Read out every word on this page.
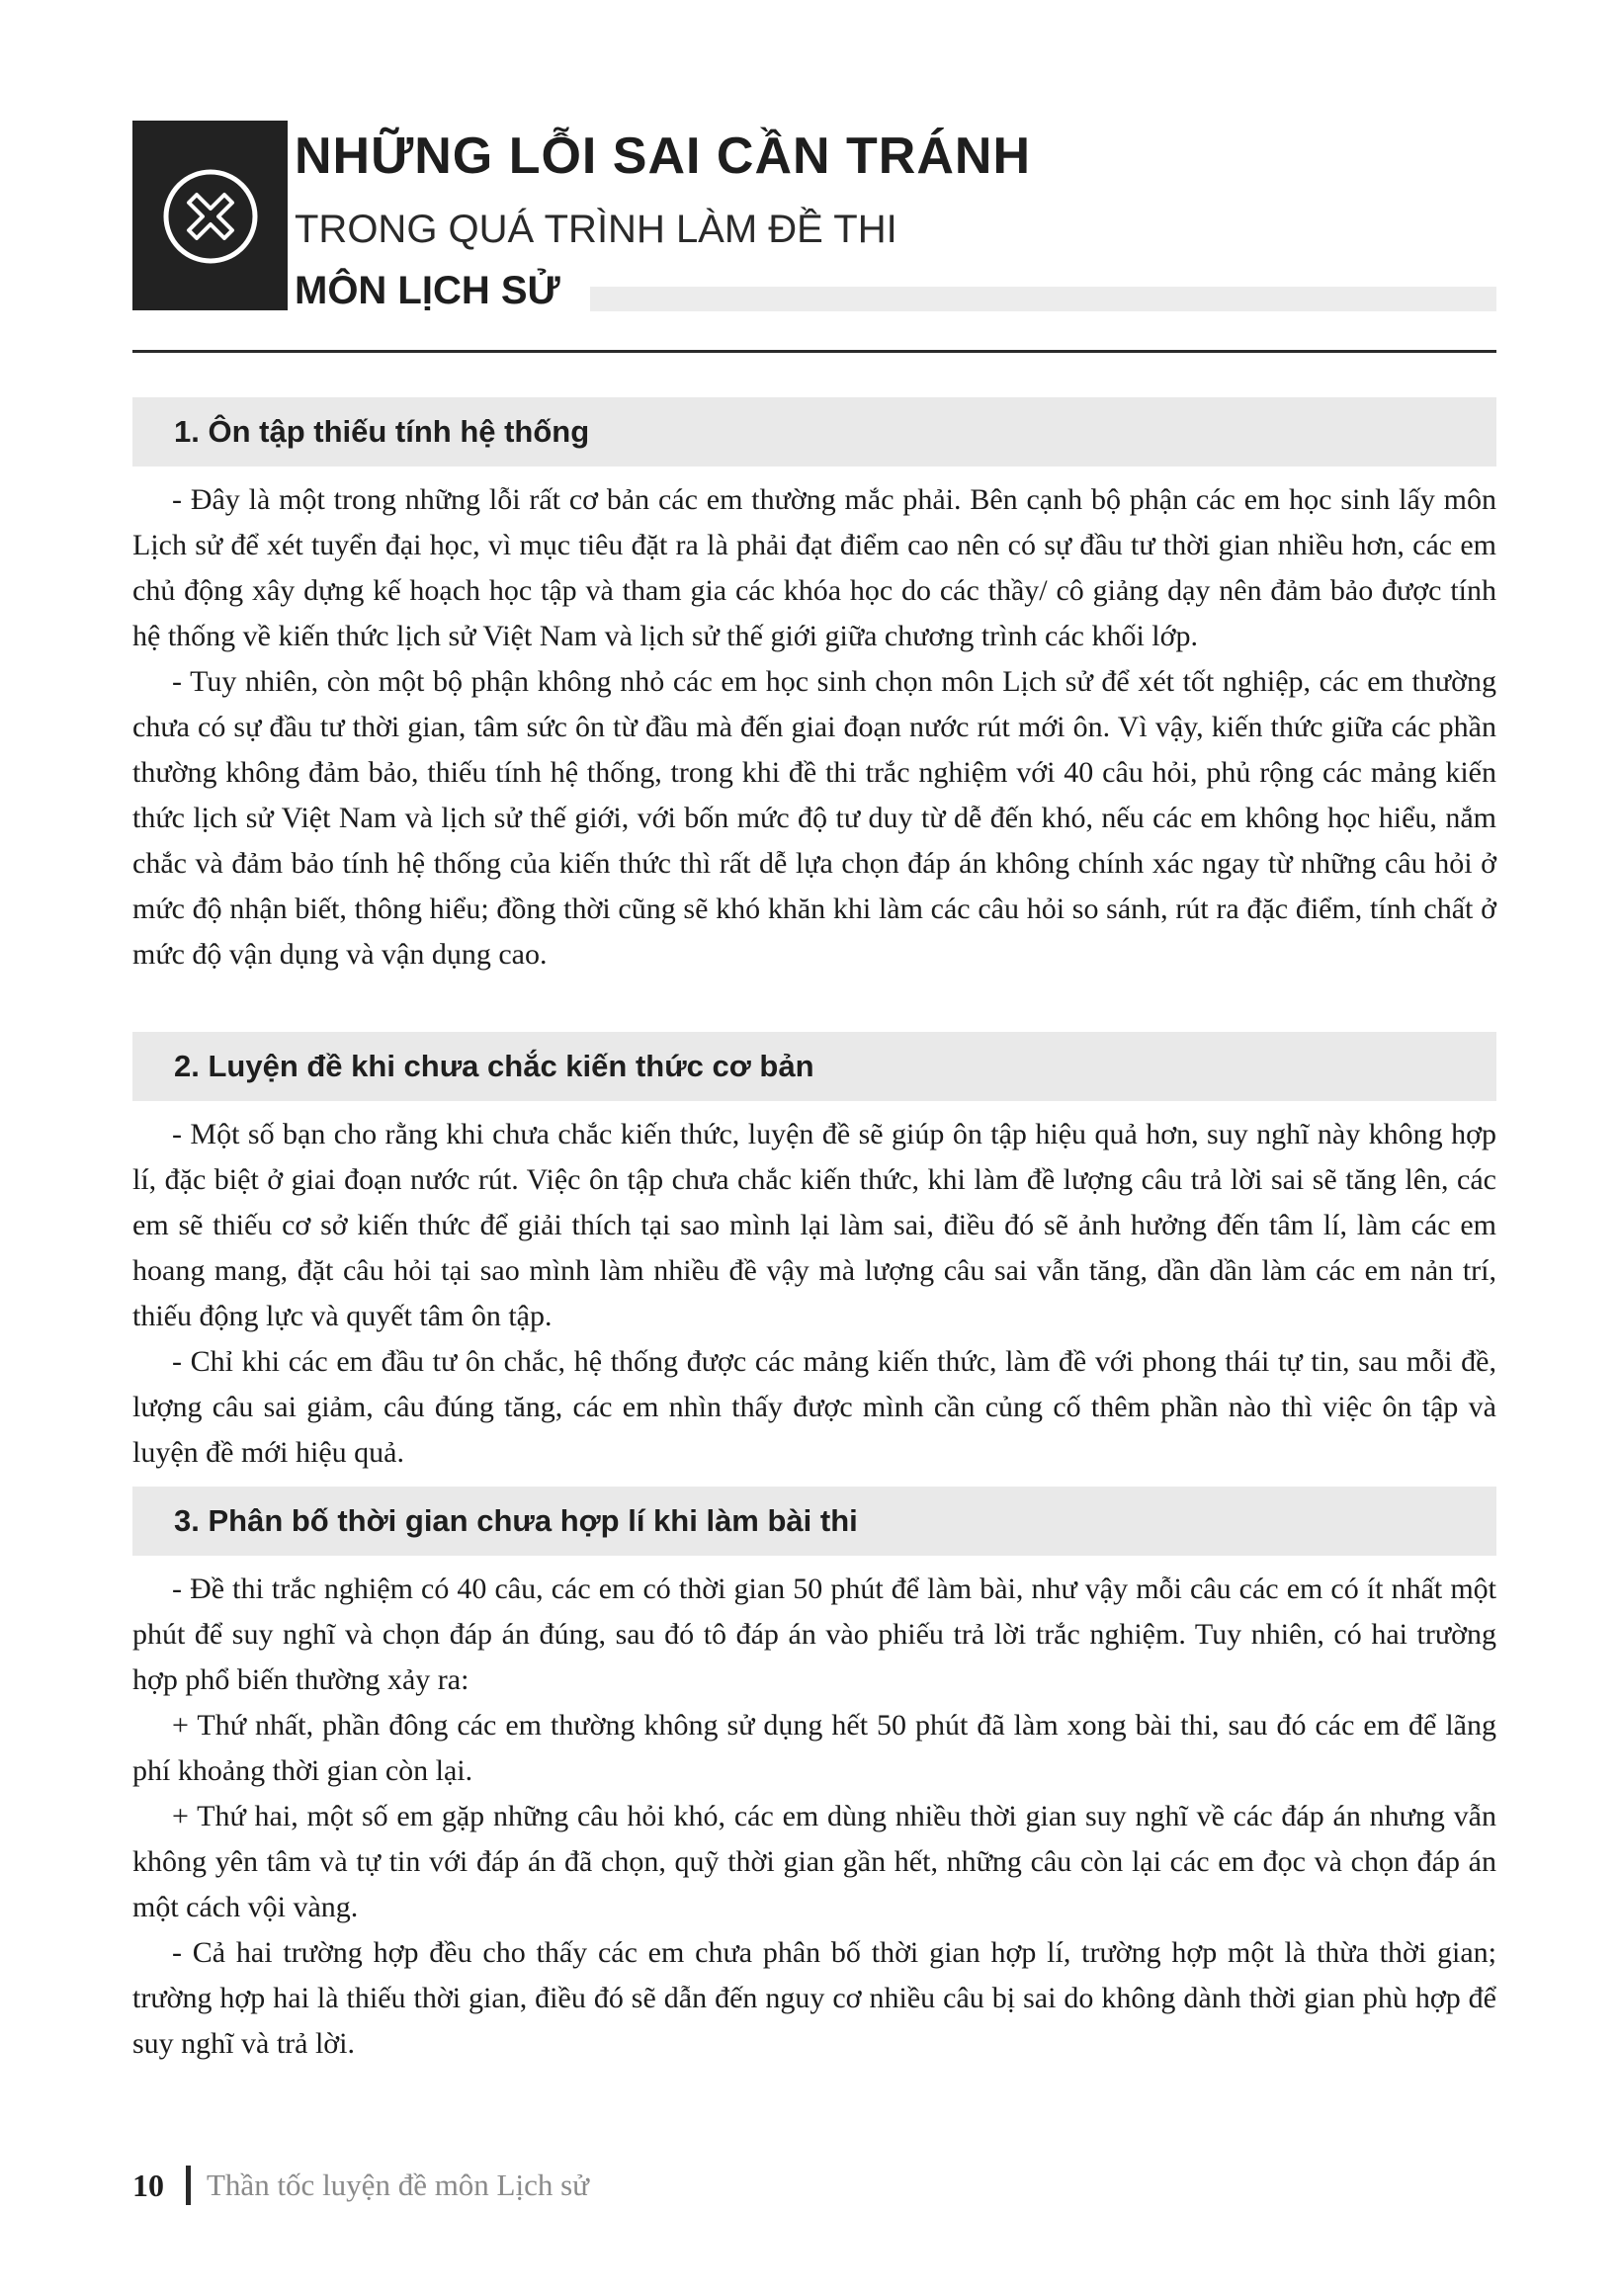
NHỮNG LỖI SAI CẦN TRÁNH
TRONG QUÁ TRÌNH LÀM ĐỀ THI
MÔN LỊCH SỬ
1. Ôn tập thiếu tính hệ thống

- Đây là một trong những lỗi rất cơ bản các em thường mắc phải. Bên cạnh bộ phận các em học sinh lấy môn Lịch sử để xét tuyển đại học, vì mục tiêu đặt ra là phải đạt điểm cao nên có sự đầu tư thời gian nhiều hơn, các em chủ động xây dựng kế hoạch học tập và tham gia các khóa học do các thầy/ cô giảng dạy nên đảm bảo được tính hệ thống về kiến thức lịch sử Việt Nam và lịch sử thế giới giữa chương trình các khối lớp.

- Tuy nhiên, còn một bộ phận không nhỏ các em học sinh chọn môn Lịch sử để xét tốt nghiệp, các em thường chưa có sự đầu tư thời gian, tâm sức ôn từ đầu mà đến giai đoạn nước rút mới ôn. Vì vậy, kiến thức giữa các phần thường không đảm bảo, thiếu tính hệ thống, trong khi đề thi trắc nghiệm với 40 câu hỏi, phủ rộng các mảng kiến thức lịch sử Việt Nam và lịch sử thế giới, với bốn mức độ tư duy từ dễ đến khó, nếu các em không học hiểu, nắm chắc và đảm bảo tính hệ thống của kiến thức thì rất dễ lựa chọn đáp án không chính xác ngay từ những câu hỏi ở mức độ nhận biết, thông hiểu; đồng thời cũng sẽ khó khăn khi làm các câu hỏi so sánh, rút ra đặc điểm, tính chất ở mức độ vận dụng và vận dụng cao.

2. Luyện đề khi chưa chắc kiến thức cơ bản

- Một số bạn cho rằng khi chưa chắc kiến thức, luyện đề sẽ giúp ôn tập hiệu quả hơn, suy nghĩ này không hợp lí, đặc biệt ở giai đoạn nước rút. Việc ôn tập chưa chắc kiến thức, khi làm đề lượng câu trả lời sai sẽ tăng lên, các em sẽ thiếu cơ sở kiến thức để giải thích tại sao mình lại làm sai, điều đó sẽ ảnh hưởng đến tâm lí, làm các em hoang mang, đặt câu hỏi tại sao mình làm nhiều đề vậy mà lượng câu sai vẫn tăng, dần dần làm các em nản trí, thiếu động lực và quyết tâm ôn tập.

- Chỉ khi các em đầu tư ôn chắc, hệ thống được các mảng kiến thức, làm đề với phong thái tự tin, sau mỗi đề, lượng câu sai giảm, câu đúng tăng, các em nhìn thấy được mình cần củng cố thêm phần nào thì việc ôn tập và luyện đề mới hiệu quả.

3. Phân bố thời gian chưa hợp lí khi làm bài thi

- Đề thi trắc nghiệm có 40 câu, các em có thời gian 50 phút để làm bài, như vậy mỗi câu các em có ít nhất một phút để suy nghĩ và chọn đáp án đúng, sau đó tô đáp án vào phiếu trả lời trắc nghiệm. Tuy nhiên, có hai trường hợp phổ biến thường xảy ra:

+ Thứ nhất, phần đông các em thường không sử dụng hết 50 phút đã làm xong bài thi, sau đó các em để lãng phí khoảng thời gian còn lại.

+ Thứ hai, một số em gặp những câu hỏi khó, các em dùng nhiều thời gian suy nghĩ về các đáp án nhưng vẫn không yên tâm và tự tin với đáp án đã chọn, quỹ thời gian gần hết, những câu còn lại các em đọc và chọn đáp án một cách vội vàng.

- Cả hai trường hợp đều cho thấy các em chưa phân bố thời gian hợp lí, trường hợp một là thừa thời gian; trường hợp hai là thiếu thời gian, điều đó sẽ dẫn đến nguy cơ nhiều câu bị sai do không dành thời gian phù hợp để suy nghĩ và trả lời.

10 Thần tốc luyện đề môn Lịch sử
